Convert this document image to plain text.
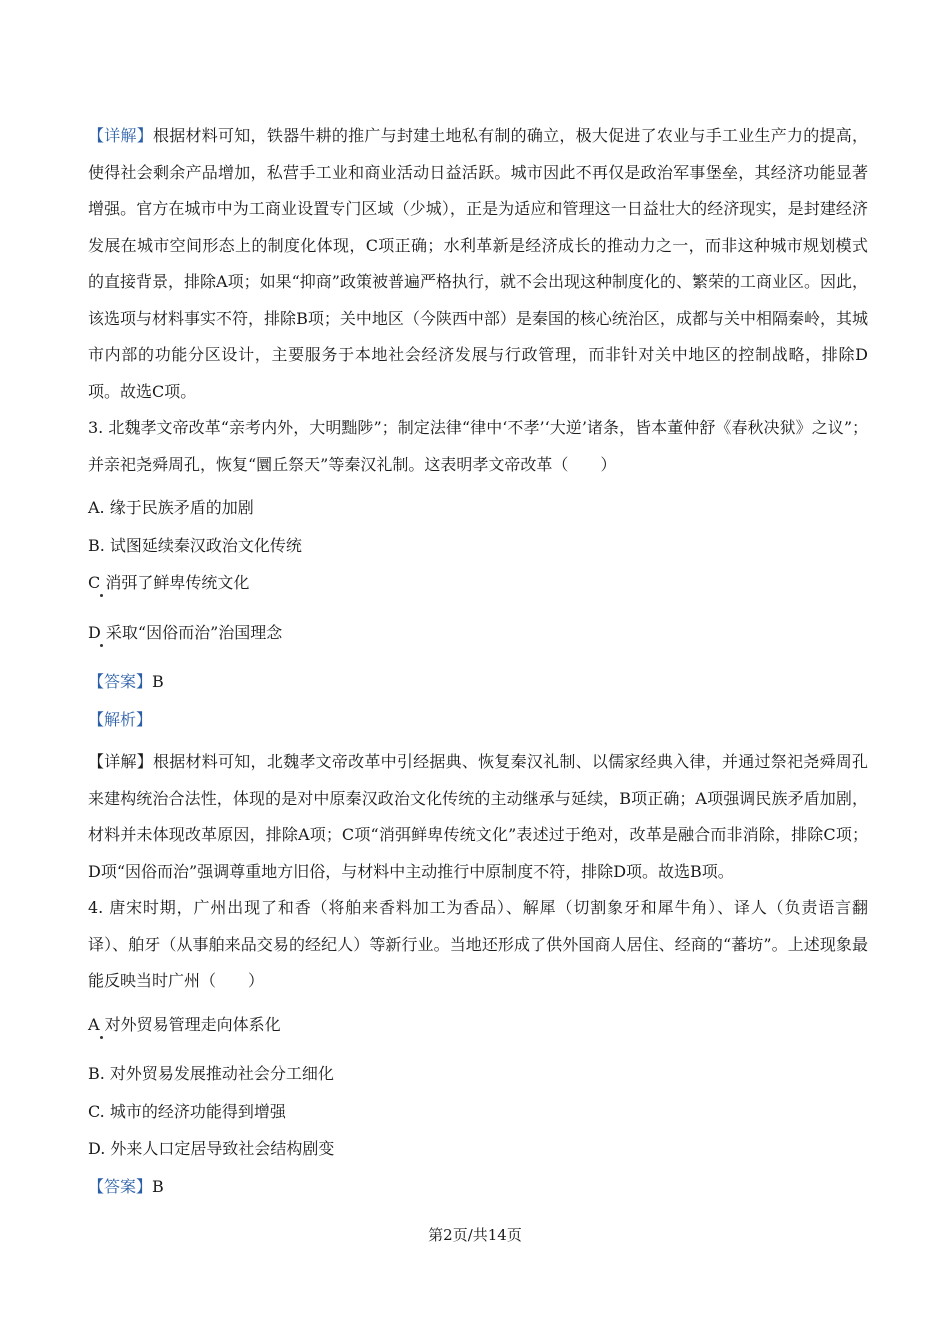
【详解】根据材料可知，铁器牛耕的推广与封建土地私有制的确立，极大促进了农业与手工业生产力的提高，使得社会剩余产品增加，私营手工业和商业活动日益活跃。城市因此不再仅是政治军事堡垒，其经济功能显著增强。官方在城市中为工商业设置专门区域（少城），正是为适应和管理这一日益壮大的经济现实，是封建经济发展在城市空间形态上的制度化体现，C项正确；水利革新是经济成长的推动力之一，而非这种城市规划模式的直接背景，排除A项；如果“抑商”政策被普遍严格执行，就不会出现这种制度化的、繁荣的工商业区。因此，该选项与材料事实不符，排除B项；关中地区（今陕西中部）是秦国的核心统治区，成都与关中相隔秦岭，其城市内部的功能分区设计，主要服务于本地社会经济发展与行政管理，而非针对关中地区的控制战略，排除D项。故选C项。

3. 北魏孝文帝改革“亲考内外，大明黜陟”；制定法律“律中‘不孝’‘大逆’诸条，皆本董仲舒《春秋决狱》之议”；并亲祀尧舜周孔，恢复“圜丘祭天”等秦汉礼制。这表明孝文帝改革（　　）

A. 缘于民族矛盾的加剧

B. 试图延续秦汉政治文化传统

C 消弭了鲜卑传统文化

D 采取“因俗而治”治国理念

【答案】B

【解析】

【详解】根据材料可知，北魏孝文帝改革中引经据典、恢复秦汉礼制、以儒家经典入律，并通过祭祀尧舜周孔来建构统治合法性，体现的是对中原秦汉政治文化传统的主动继承与延续，B项正确；A项强调民族矛盾加剧，材料并未体现改革原因，排除A项；C项“消弭鲜卑传统文化”表述过于绝对，改革是融合而非消除，排除C项；D项“因俗而治”强调尊重地方旧俗，与材料中主动推行中原制度不符，排除D项。故选B项。

4. 唐宋时期，广州出现了和香（将舶来香料加工为香品）、解犀（切割象牙和犀牛角）、译人（负责语言翻译）、舶牙（从事舶来品交易的经纪人）等新行业。当地还形成了供外国商人居住、经商的“蕃坊”。上述现象最能反映当时广州（　　）

A 对外贸易管理走向体系化

B. 对外贸易发展推动社会分工细化

C. 城市的经济功能得到增强

D. 外来人口定居导致社会结构剧变

【答案】B

第2页/共14页
